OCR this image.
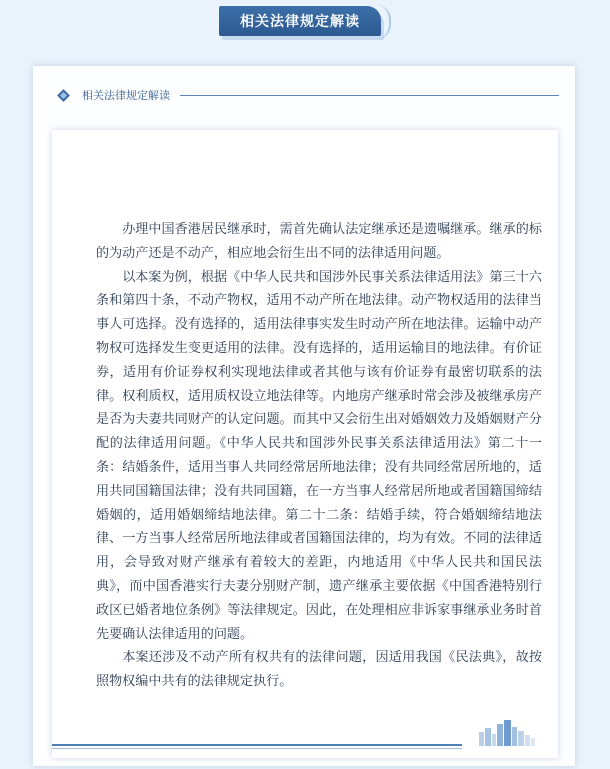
相关法律规定解读
相关法律规定解读

办理中国香港居民继承时，需首先确认法定继承还是遗嘱继承。继承的标的为动产还是不动产，相应地会衍生出不同的法律适用问题。

以本案为例，根据《中华人民共和国涉外民事关系法律适用法》第三十六条和第四十条，不动产物权，适用不动产所在地法律。动产物权适用的法律当事人可选择。没有选择的，适用法律事实发生时动产所在地法律。运输中动产物权可选择发生变更适用的法律。没有选择的，适用运输目的地法律。有价证券，适用有价证券权利实现地法律或者其他与该有价证券有最密切联系的法律。权利质权，适用质权设立地法律等。内地房产继承时常会涉及被继承房产是否为夫妻共同财产的认定问题。而其中又会衍生出对婚姻效力及婚姻财产分配的法律适用问题。《中华人民共和国涉外民事关系法律适用法》第二十一条：结婚条件，适用当事人共同经常居所地法律；没有共同经常居所地的，适用共同国籍国法律；没有共同国籍，在一方当事人经常居所地或者国籍国缔结婚姻的，适用婚姻缔结地法律。第二十二条：结婚手续，符合婚姻缔结地法律、一方当事人经常居所地法律或者国籍国法律的，均为有效。不同的法律适用，会导致对财产继承有着较大的差距，内地适用《中华人民共和国民法典》，而中国香港实行夫妻分别财产制，遗产继承主要依据《中国香港特别行政区已婚者地位条例》等法律规定。因此，在处理相应非诉家事继承业务时首先要确认法律适用的问题。

本案还涉及不动产所有权共有的法律问题，因适用我国《民法典》，故按照物权编中共有的法律规定执行。
